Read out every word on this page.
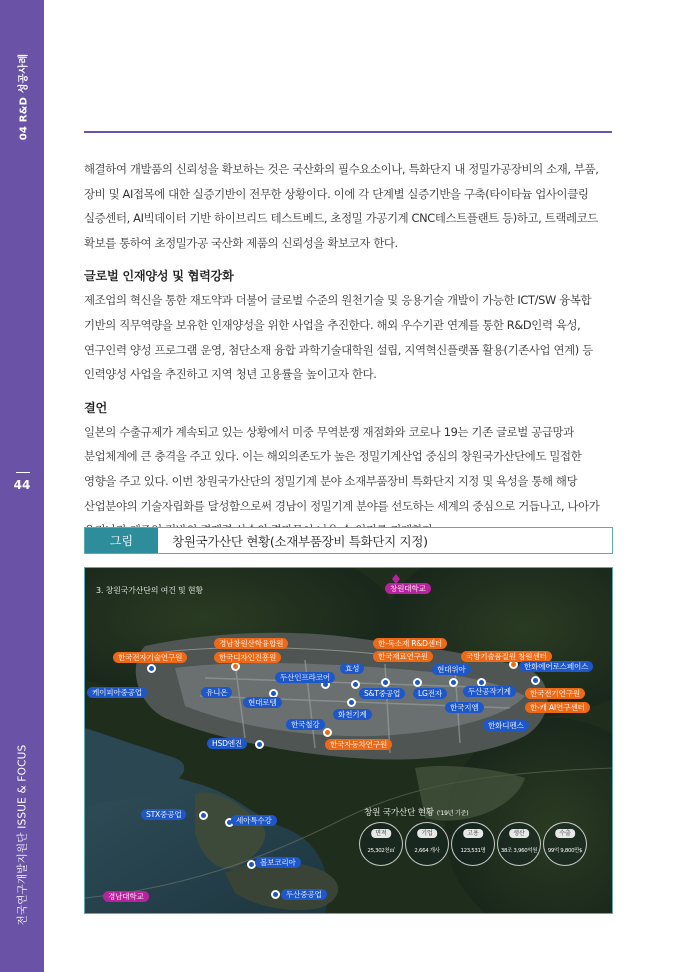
04 R&D 성공사례
44
전국연구개발지원단 ISSUE & FOCUS

해결하여 개발품의 신뢰성을 확보하는 것은 국산화의 필수요소이나, 특화단지 내 정밀가공장비의 소재, 부품, 장비 및 AI접목에 대한 실증기반이 전무한 상황이다. 이에 각 단계별 실증기반을 구축(타이타늄 업사이클링 실증센터, AI빅데이터 기반 하이브리드 테스트베드, 초정밀 가공기계 CNC테스트플랜트 등)하고, 트랙레코드 확보를 통하여 초정밀가공 국산화 제품의 신뢰성을 확보코자 한다.

글로벌 인재양성 및 협력강화

제조업의 혁신을 통한 재도약과 더불어 글로벌 수준의 원천기술 및 응용기술 개발이 가능한 ICT/SW 융복합 기반의 직무역량을 보유한 인재양성을 위한 사업을 추진한다. 해외 우수기관 연계를 통한 R&D인력 육성, 연구인력 양성 프로그램 운영, 첨단소재 융합 과학기술대학원 설립, 지역혁신플랫폼 활용(기존사업 연계) 등 인력양성 사업을 추진하고 지역 청년 고용률을 높이고자 한다.

결언

일본의 수출규제가 계속되고 있는 상황에서 미중 무역분쟁 재점화와 코로나 19는 기존 글로벌 공급망과 분업체계에 큰 충격을 주고 있다. 이는 해외의존도가 높은 정밀기계산업 중심의 창원국가산단에도 밀접한 영향을 주고 있다. 이번 창원국가산단의 정밀기계 분야 소재부품장비 특화단지 지정 및 육성을 통해 해당 산업분야의 기술자립화를 달성함으로써 경남이 정밀기계 분야를 선도하는 세계의 중심으로 거듭나고, 나아가

그림	창원국가산단 현황(소재부품장비 특화단지 지정)
3. 창원국가산단의 여건 및 현황	창원대학교
경남창원산학융합원
한국전자기술연구원	한국디자인진흥원
한-독소재 R&D센터
한국재료연구원	국방기술품질원 창원센터
한화에어로스페이스
효성	현대위아
두산인프라코어
케이피아중공업	유니온	S&T중공업	LG전자	두산공작기계	한국전기연구원
현대로템
화천기계
한국지엠	한-캐 AI연구센터
한국철강	한화디펜스
HSD엔진	한국자동차연구원
STX중공업
세아특수강
볼보코리아
두산중공업
경남대학교
창원 국가산단 현황 ('19년 기준)
면적
25,302천㎡
기업
2,664 개사
고용
123,531명
생산
38조 3,960억원
수출
99억 9,800만$
